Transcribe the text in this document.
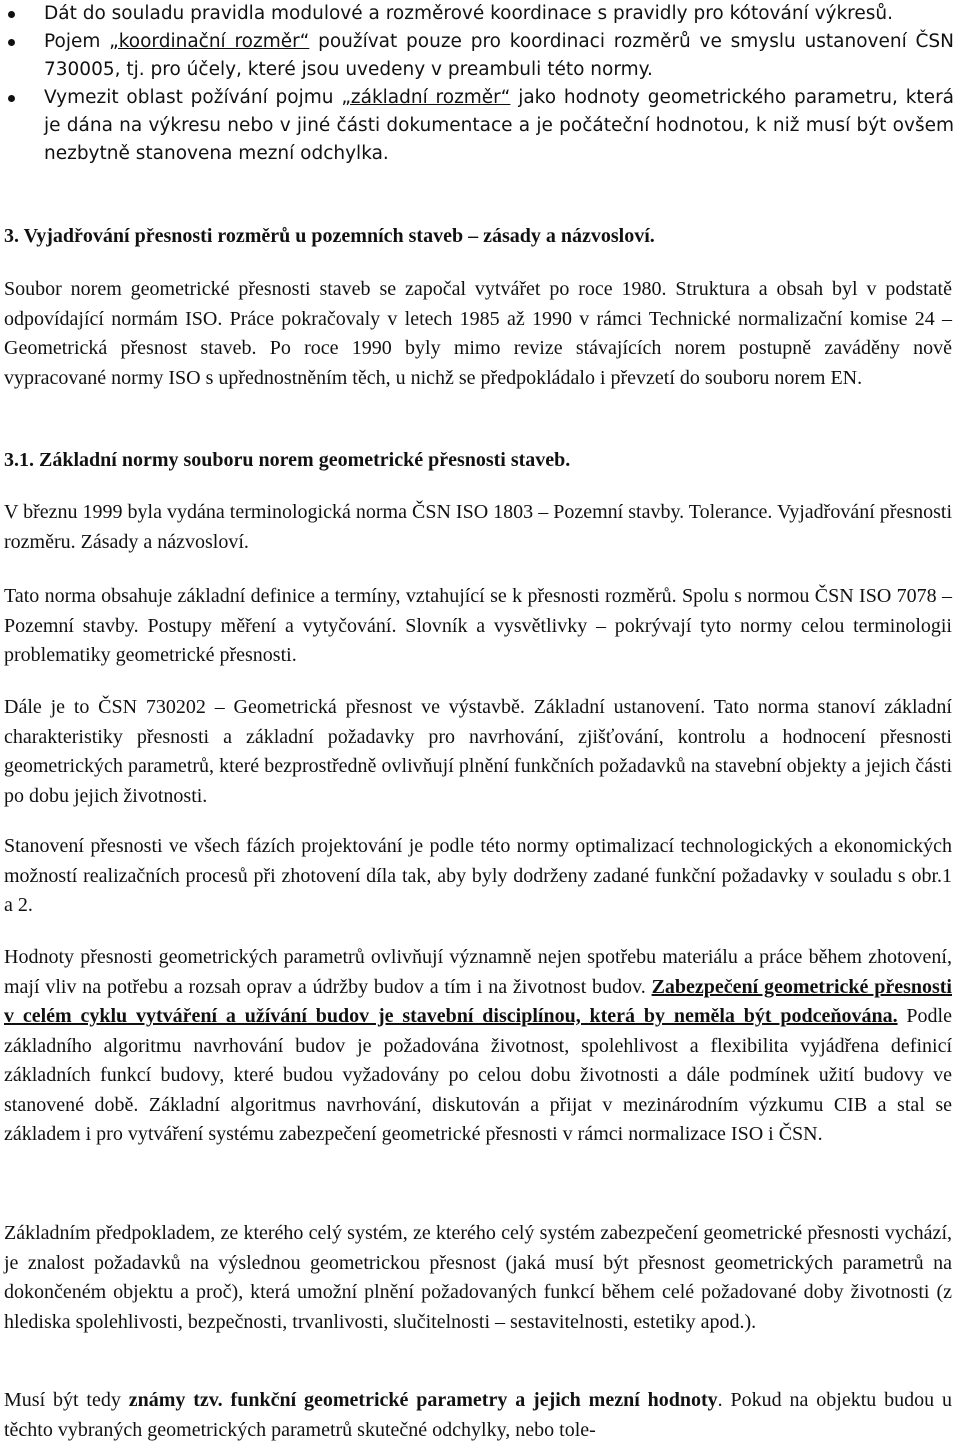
Dát do souladu pravidla modulové a rozměrové koordinace s pravidly pro kótování výkresů.
Pojem „koordinační rozměr“ používat pouze pro koordinaci rozměrů ve smyslu ustanovení ČSN 730005, tj. pro účely, které jsou uvedeny v preambuli této normy.
Vymezit oblast požívání pojmu „základní rozměr“ jako hodnoty geometrického parametru, která je dána na výkresu nebo v jiné části dokumentace a je počáteční hodnotou, k niž musí být ovšem nezbytně stanovena mezní odchylka.
3. Vyjadřování přesnosti rozměrů u pozemních staveb – zásady a názvosloví.
Soubor norem geometrické přesnosti staveb se započal vytvářet po roce 1980. Struktura a obsah byl v podstatě odpovídající normám ISO. Práce pokračovaly v letech 1985 až 1990 v rámci Technické normalizační komise 24 – Geometrická přesnost staveb. Po roce 1990 byly mimo revize stávajících norem postupně zaváděny nově vypracované normy ISO s upřednostněním těch, u nichž se předpokládalo i převzetí do souboru norem EN.
3.1. Základní normy souboru norem geometrické přesnosti staveb.
V březnu 1999 byla vydána terminologická norma ČSN ISO 1803 – Pozemní stavby. Tolerance. Vyjadřování přesnosti rozměru. Zásady a názvosloví.
Tato norma obsahuje základní definice a termíny, vztahující se k přesnosti rozměrů. Spolu s normou ČSN ISO 7078 – Pozemní stavby. Postupy měření a vytyčování. Slovník a vysvětlivky – pokrývají tyto normy celou terminologii problematiky geometrické přesnosti.
Dále je to ČSN 730202 – Geometrická přesnost ve výstavbě. Základní ustanovení. Tato norma stanoví základní charakteristiky přesnosti a základní požadavky pro navrhování, zjišťování, kontrolu a hodnocení přesnosti geometrických parametrů, které bezprostředně ovlivňují plnění funkčních požadavků na stavební objekty a jejich části po dobu jejich životnosti.
Stanovení přesnosti ve všech fázích projektování je podle této normy optimalizací technologických a ekonomických možností realizačních procesů při zhotovení díla tak, aby byly dodrženy zadané funkční požadavky v souladu s obr.1 a 2.
Hodnoty přesnosti geometrických parametrů ovlivňují významně nejen spotřebu materiálu a práce během zhotovení, mají vliv na potřebu a rozsah oprav a údržby budov a tím i na životnost budov. Zabezpečení geometrické přesnosti v celém cyklu vytváření a užívání budov je stavební disciplínou, která by neměla být podceňována. Podle základního algoritmu navrhování budov je požadována životnost, spolehlivost a flexibilita vyjádřena definicí základních funkcí budovy, které budou vyžadovány po celou dobu životnosti a dále podmínek užití budovy ve stanovené době. Základní algoritmus navrhování, diskutován a přijat v mezinárodním výzkumu CIB a stal se základem i pro vytváření systému zabezpečení geometrické přesnosti v rámci normalizace ISO i ČSN.
Základním předpokladem, ze kterého celý systém, ze kterého celý systém zabezpečení geometrické přesnosti vychází, je znalost požadavků na výslednou geometrickou přesnost (jaká musí být přesnost geometrických parametrů na dokončeném objektu a proč), která umožní plnění požadovaných funkcí během celé požadované doby životnosti (z hlediska spolehlivosti, bezpečnosti, trvanlivosti, slučitelnosti – sestavitelnosti, estetiky apod.).
Musí být tedy známy tzv. funkční geometrické parametry a jejich mezní hodnoty. Pokud na objektu budou u těchto vybraných geometrických parametrů skutečné odchylky, nebo tole-
